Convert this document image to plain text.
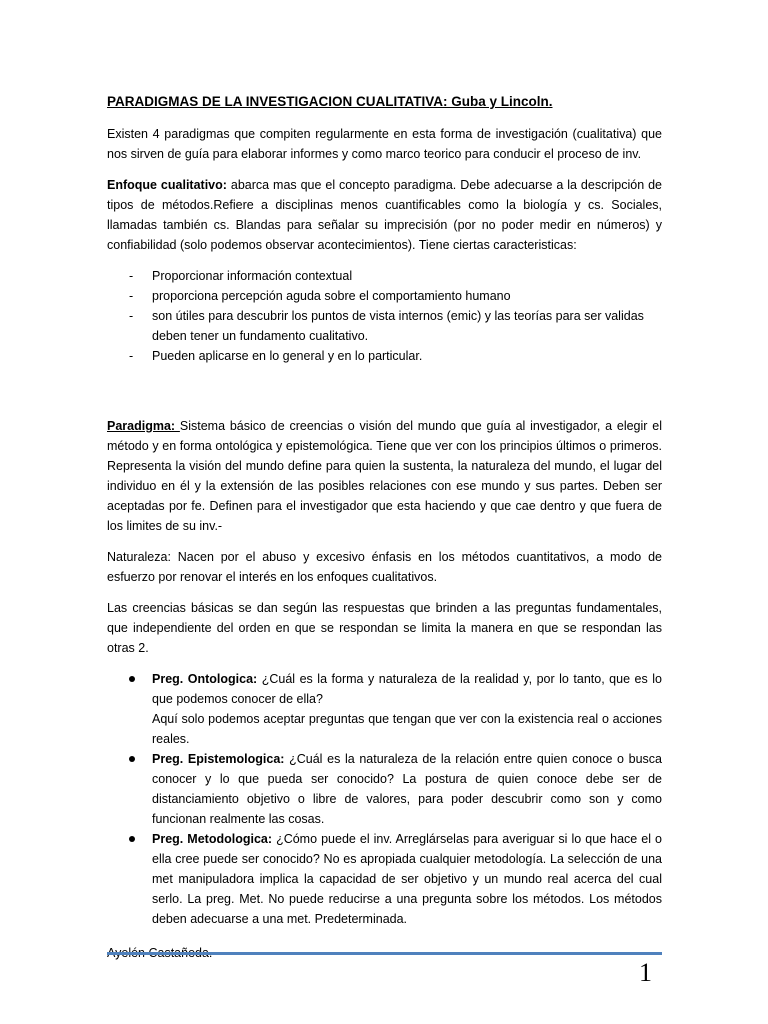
PARADIGMAS DE LA INVESTIGACION CUALITATIVA: Guba y Lincoln.

Existen 4 paradigmas que compiten regularmente en esta forma de investigación (cualitativa) que nos sirven de guía para elaborar informes y como marco teorico para conducir el proceso de inv.

Enfoque cualitativo: abarca mas que el concepto paradigma. Debe adecuarse a la descripción de tipos de métodos.Refiere a disciplinas menos cuantificables como la biología y cs. Sociales, llamadas también cs. Blandas para señalar su imprecisión (por no poder medir en números) y confiabilidad (solo podemos observar acontecimientos). Tiene ciertas caracteristicas:

- Proporcionar información contextual
- proporciona percepción aguda sobre el comportamiento humano
- son útiles para descubrir los puntos de vista internos (emic) y las teorías para ser validas deben tener un fundamento cualitativo.
- Pueden aplicarse en lo general y en lo particular.

Paradigma: Sistema básico de creencias o visión del mundo que guía al investigador, a elegir el método y en forma ontológica y epistemológica. Tiene que ver con los principios últimos o primeros. Representa la visión del mundo define para quien la sustenta, la naturaleza del mundo, el lugar del individuo en él y la extensión de las posibles relaciones con ese mundo y sus partes. Deben ser aceptadas por fe. Definen para el investigador que esta haciendo y que cae dentro y que fuera de los limites de su inv.-

Naturaleza: Nacen por el abuso y excesivo énfasis en los métodos cuantitativos, a modo de esfuerzo por renovar el interés en los enfoques cualitativos.

Las creencias básicas se dan según las respuestas que brinden a las preguntas fundamentales, que independiente del orden en que se respondan se limita la manera en que se respondan las otras 2.

Preg. Ontologica: ¿Cuál es la forma y naturaleza de la realidad y, por lo tanto, que es lo que podemos conocer de ella?
Aquí solo podemos aceptar preguntas que tengan que ver con la existencia real o acciones reales.
Preg. Epistemologica: ¿Cuál es la naturaleza de la relación entre quien conoce o busca conocer y lo que pueda ser conocido? La postura de quien conoce debe ser de distanciamiento objetivo o libre de valores, para poder descubrir como son y como funcionan realmente las cosas.
Preg. Metodologica: ¿Cómo puede el inv. Arreglárselas para averiguar si lo que hace el o ella cree puede ser conocido? No es apropiada cualquier metodología. La selección de una met manipuladora implica la capacidad de ser objetivo y un mundo real acerca del cual serlo. La preg. Met. No puede reducirse a una pregunta sobre los métodos. Los métodos deben adecuarse a una met. Predeterminada.
1
